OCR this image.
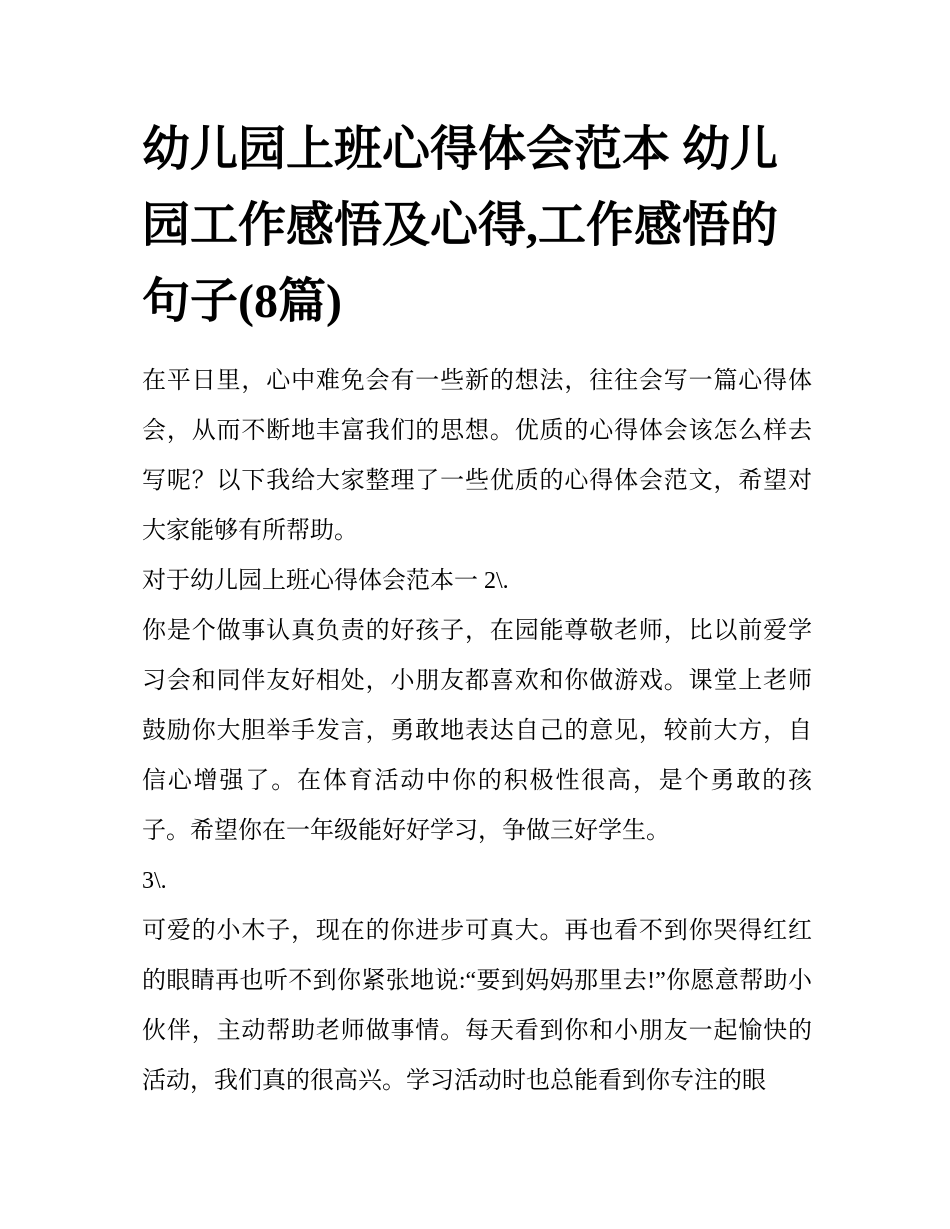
幼儿园上班心得体会范本 幼儿园工作感悟及心得,工作感悟的句子(8篇)

在平日里，心中难免会有一些新的想法，往往会写一篇心得体会，从而不断地丰富我们的思想。优质的心得体会该怎么样去写呢？以下我给大家整理了一些优质的心得体会范文，希望对大家能够有所帮助。

对于幼儿园上班心得体会范本一 2\.

你是个做事认真负责的好孩子，在园能尊敬老师，比以前爱学习会和同伴友好相处，小朋友都喜欢和你做游戏。课堂上老师鼓励你大胆举手发言，勇敢地表达自己的意见，较前大方，自信心增强了。在体育活动中你的积极性很高，是个勇敢的孩子。希望你在一年级能好好学习，争做三好学生。

3\.

可爱的小木子，现在的你进步可真大。再也看不到你哭得红红的眼睛再也听不到你紧张地说:“要到妈妈那里去!”你愿意帮助小伙伴，主动帮助老师做事情。每天看到你和小朋友一起愉快的活动，我们真的很高兴。学习活动时也总能看到你专注的眼
